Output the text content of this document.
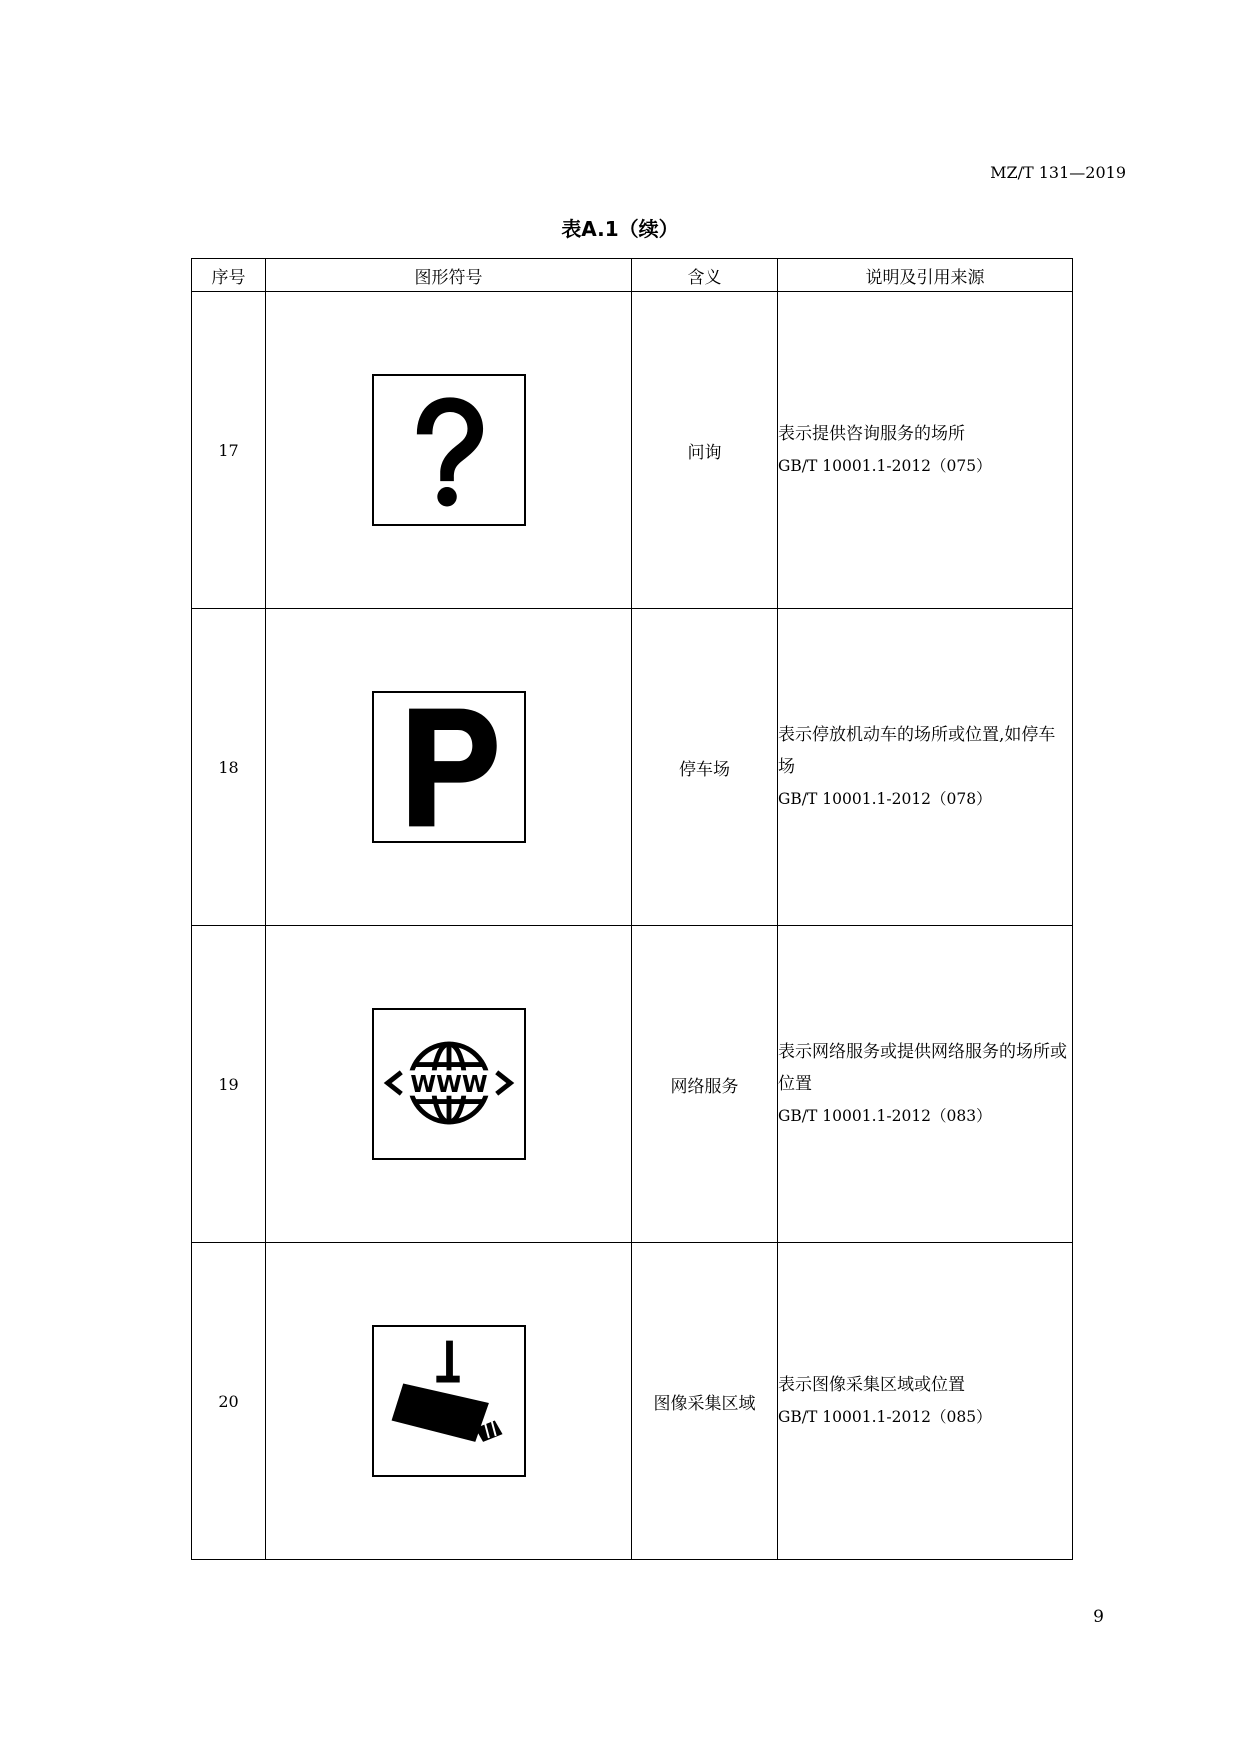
MZ/T 131—2019
表A.1（续）
序号	图形符号	含义	说明及引用来源
17		问询	表示提供咨询服务的场所
GB/T 10001.1-2012（075）

18		停车场	表示停放机动车的场所或位置,如停车场
GB/T 10001.1-2012（078）

19	WWW	网络服务	表示网络服务或提供网络服务的场所或位置
GB/T 10001.1-2012（083）

20		图像采集区域	表示图像采集区域或位置
GB/T 10001.1-2012（085）
9
